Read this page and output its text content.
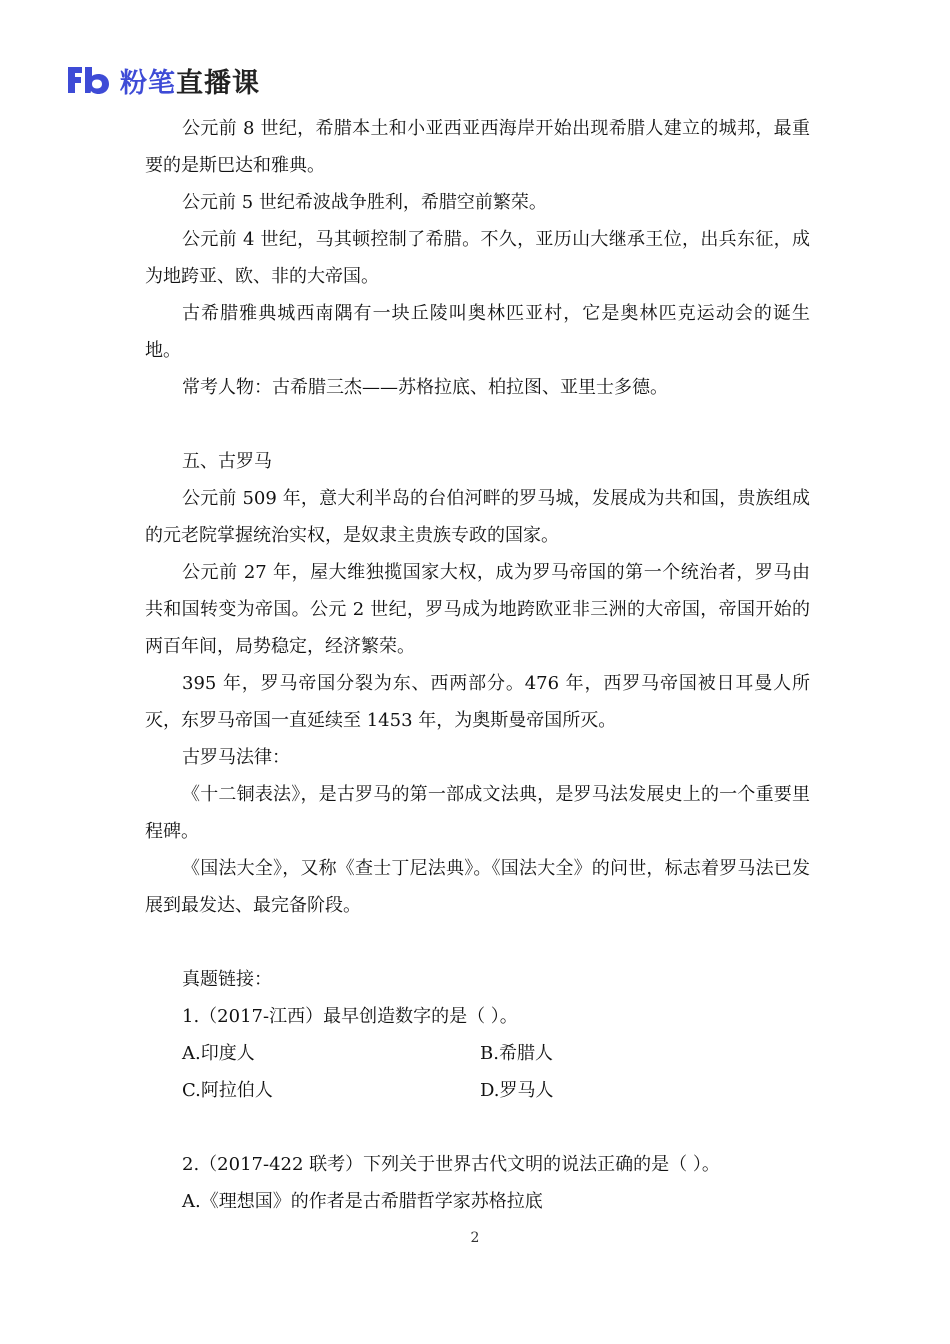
粉笔直播课

公元前 8 世纪，希腊本土和小亚西亚西海岸开始出现希腊人建立的城邦，最重要的是斯巴达和雅典。

公元前 5 世纪希波战争胜利，希腊空前繁荣。

公元前 4 世纪，马其顿控制了希腊。不久，亚历山大继承王位，出兵东征，成为地跨亚、欧、非的大帝国。

古希腊雅典城西南隅有一块丘陵叫奥林匹亚村，它是奥林匹克运动会的诞生地。

常考人物：古希腊三杰——苏格拉底、柏拉图、亚里士多德。

五、古罗马

公元前 509 年，意大利半岛的台伯河畔的罗马城，发展成为共和国，贵族组成的元老院掌握统治实权，是奴隶主贵族专政的国家。

公元前 27 年，屋大维独揽国家大权，成为罗马帝国的第一个统治者，罗马由共和国转变为帝国。公元 2 世纪，罗马成为地跨欧亚非三洲的大帝国，帝国开始的两百年间，局势稳定，经济繁荣。

395 年，罗马帝国分裂为东、西两部分。476 年，西罗马帝国被日耳曼人所灭，东罗马帝国一直延续至 1453 年，为奥斯曼帝国所灭。

古罗马法律：

《十二铜表法》，是古罗马的第一部成文法典，是罗马法发展史上的一个重要里程碑。

《国法大全》，又称《查士丁尼法典》。《国法大全》的问世，标志着罗马法已发展到最发达、最完备阶段。

真题链接：

1.（2017-江西）最早创造数字的是（ ）。

A.印度人	B.希腊人
C.阿拉伯人	D.罗马人

2.（2017-422 联考）下列关于世界古代文明的说法正确的是（ ）。

A.《理想国》的作者是古希腊哲学家苏格拉底

2
